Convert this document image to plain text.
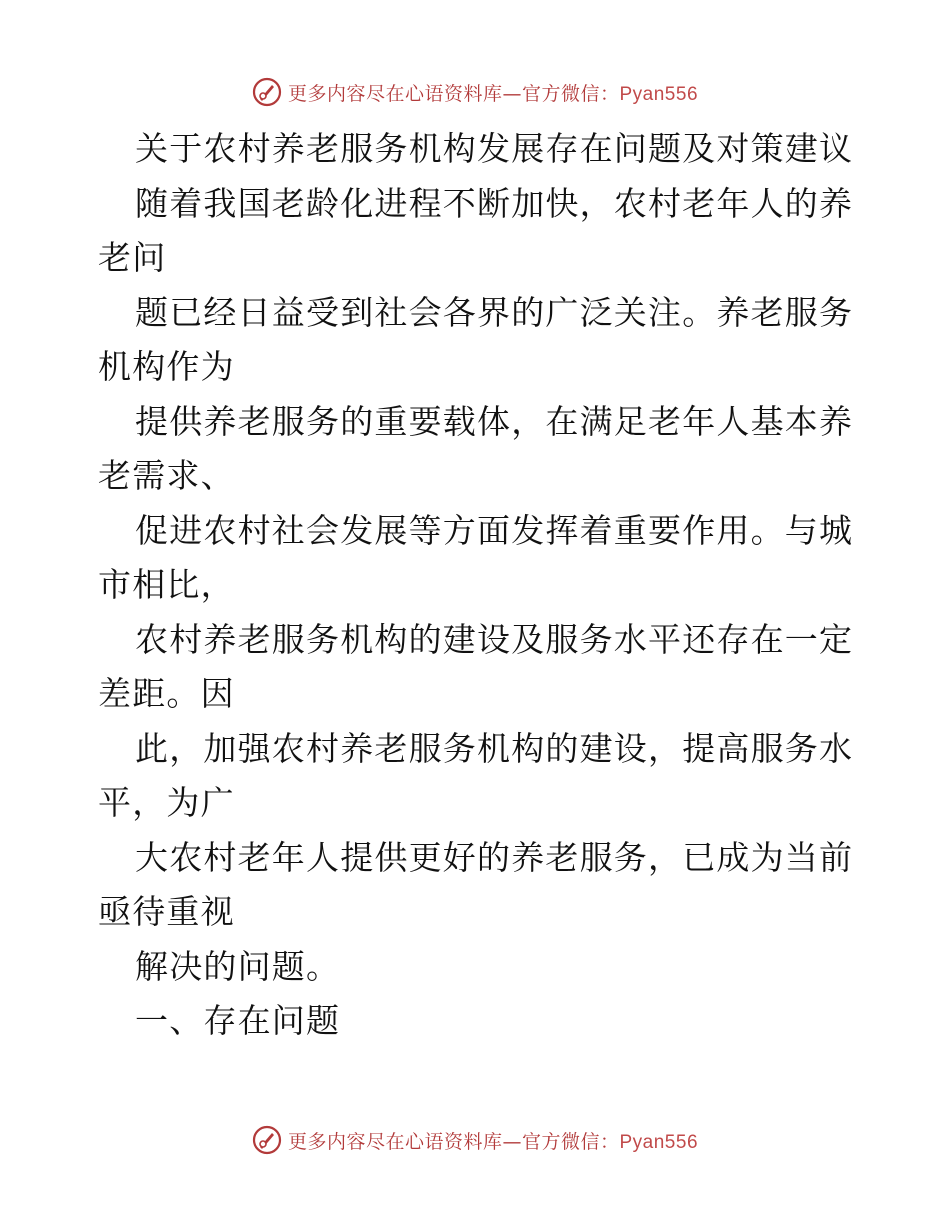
更多内容尽在心语资料库—官方微信：Pyan556
关于农村养老服务机构发展存在问题及对策建议
随着我国老龄化进程不断加快，农村老年人的养
老问
题已经日益受到社会各界的广泛关注。养老服务
机构作为
提供养老服务的重要载体，在满足老年人基本养
老需求、
促进农村社会发展等方面发挥着重要作用。与城
市相比，
农村养老服务机构的建设及服务水平还存在一定
差距。因
此，加强农村养老服务机构的建设，提高服务水
平，为广
大农村老年人提供更好的养老服务，已成为当前
亟待重视
解决的问题。
一、存在问题
更多内容尽在心语资料库—官方微信：Pyan556
